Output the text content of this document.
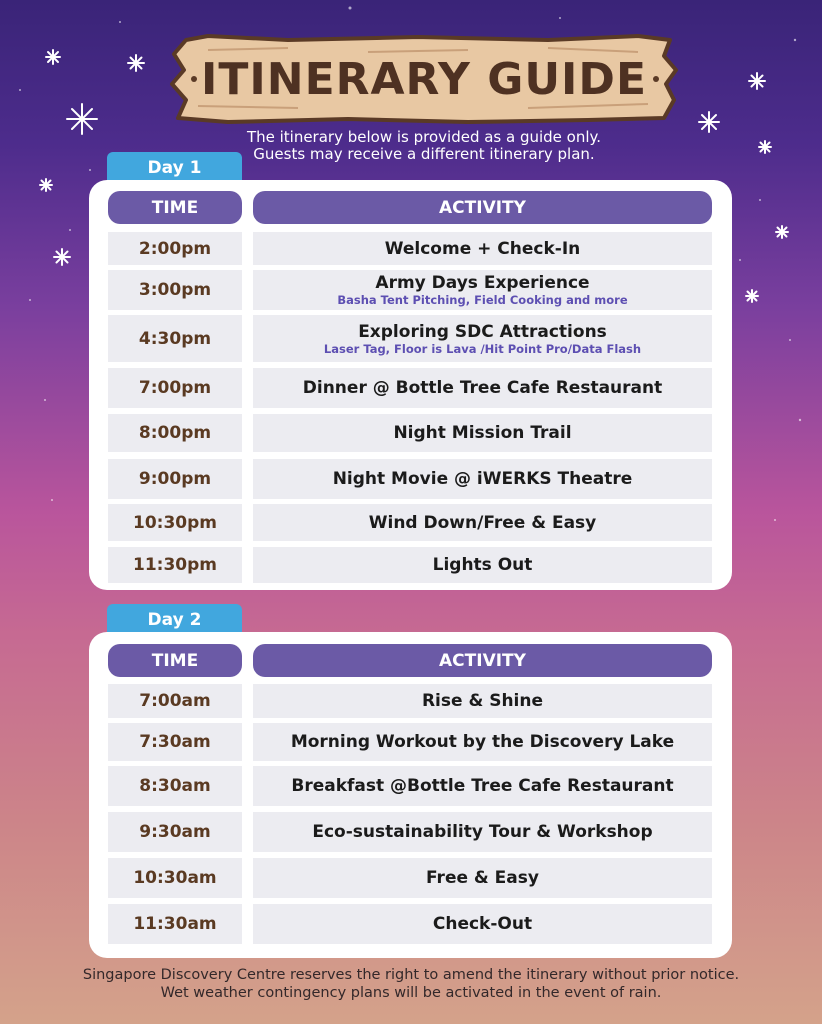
ITINERARY GUIDE
The itinerary below is provided as a guide only.
Guests may receive a different itinerary plan.
Day 1
TIME	ACTIVITY
2:00pm	Welcome + Check-In
3:00pm	Army Days Experience
Basha Tent Pitching, Field Cooking and more
4:30pm	Exploring SDC Attractions
Laser Tag, Floor is Lava /Hit Point Pro/Data Flash
7:00pm	Dinner @ Bottle Tree Cafe Restaurant
8:00pm	Night Mission Trail
9:00pm	Night Movie @ iWERKS Theatre
10:30pm	Wind Down/Free & Easy
11:30pm	Lights Out
Day 2
TIME	ACTIVITY
7:00am	Rise & Shine
7:30am	Morning Workout by the Discovery Lake
8:30am	Breakfast @Bottle Tree Cafe Restaurant
9:30am	Eco-sustainability Tour & Workshop
10:30am	Free & Easy
11:30am	Check-Out
Singapore Discovery Centre reserves the right to amend the itinerary without prior notice.
Wet weather contingency plans will be activated in the event of rain.
